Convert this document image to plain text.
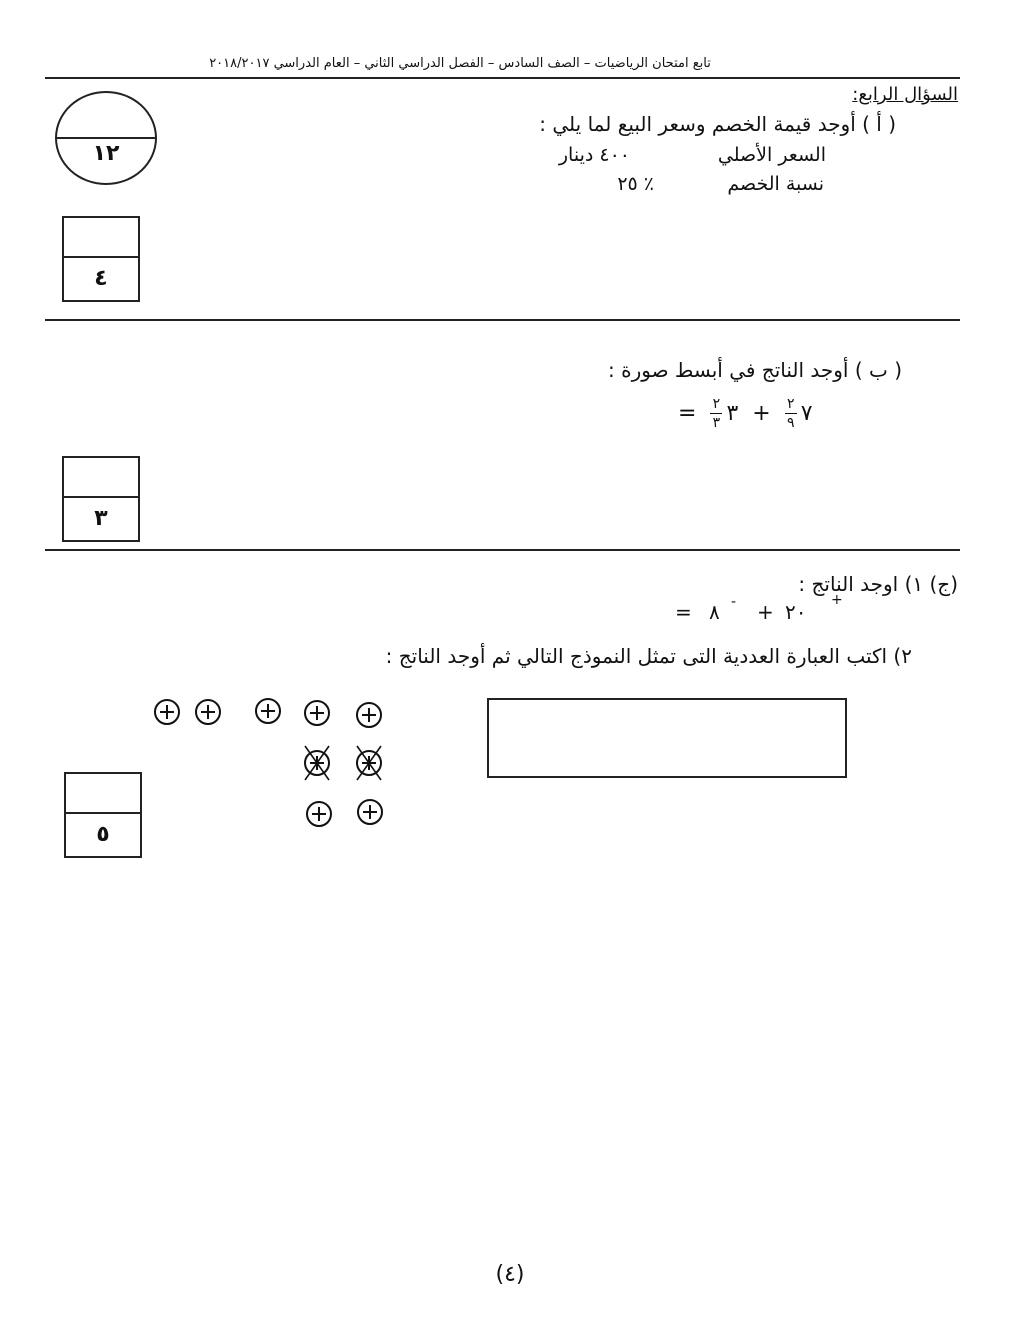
تابع امتحان الرياضيات – الصف السادس – الفصل الدراسي الثاني – العام الدراسي ٢٠١٨/٢٠١٧
السؤال الرابع:
١٢
( أ ) أوجد قيمة الخصم وسعر البيع لما يلي :
السعر الأصلي
٤٠٠ دينار
نسبة الخصم
٢٥ ٪
٤
( ب ) أوجد الناتج في أبسط صورة :
= $\frac{٢}{٣}$ ٣ + $\frac{٢}{٩}$ ٧
٣
(ج) ١) اوجد الناتج :
= ٨ - + ٢٠ +
٢) اكتب العبارة العددية التى تمثل النموذج التالي ثم أوجد الناتج :
٥
(٤)
